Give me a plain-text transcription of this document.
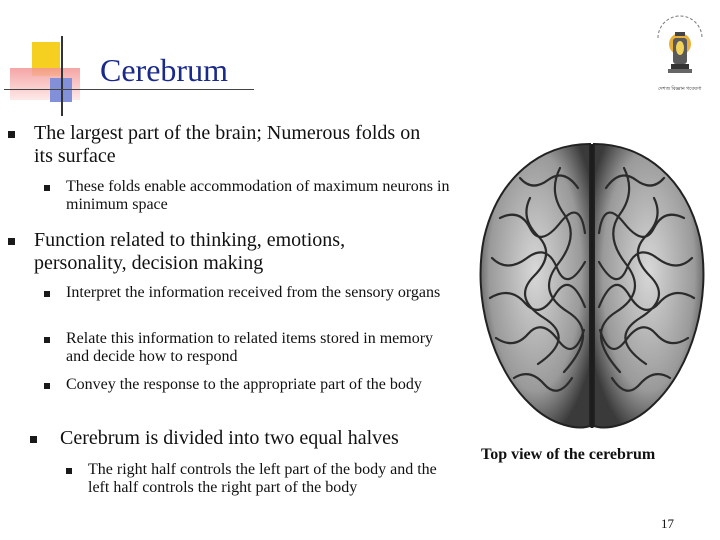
Cerebrum
দেশজ বিজ্ঞান গবেষণা
The largest part of the brain; Numerous folds on its surface
These folds enable accommodation of maximum neurons in minimum space
Function related to thinking, emotions, personality, decision making
Interpret the information received from the sensory organs
Relate this information to related items stored in memory and decide how to respond
Convey the response to the appropriate part of the body
Cerebrum is divided into two equal halves
The right half controls the left part of the body and the left half controls the right part of the body
Top view of the cerebrum
17
